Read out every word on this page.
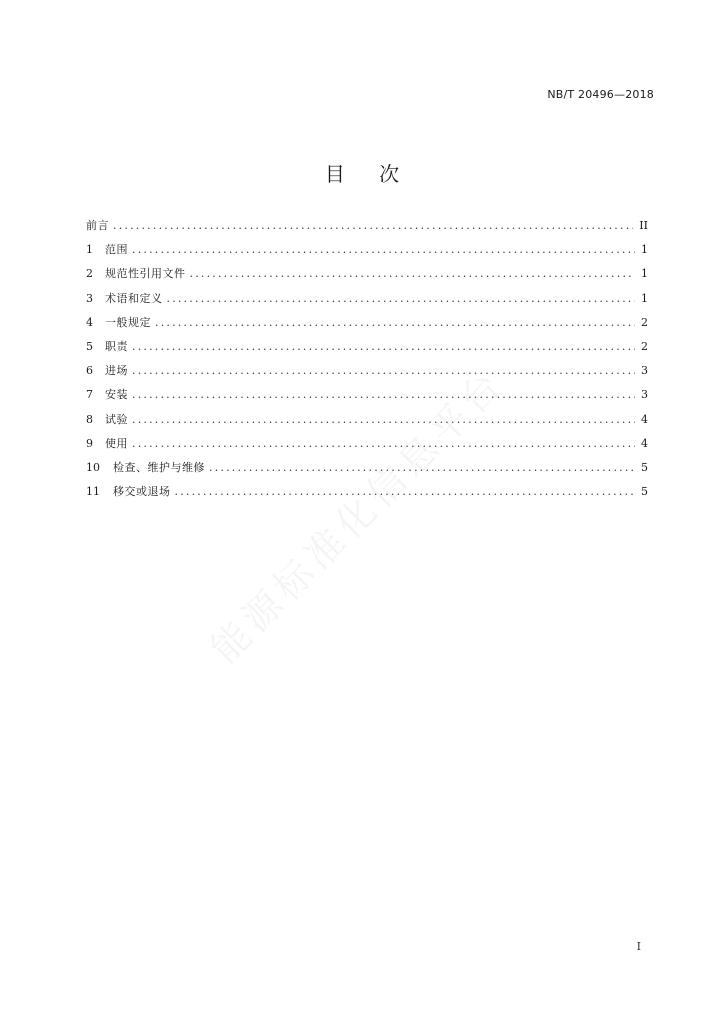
NB/T 20496—2018
目 次
前言 .....	II
1	范围 .....	1
2	规范性引用文件 .....	1
3	术语和定义 .....	1
4	一般规定 .....	2
5	职责 .....	2
6	进场 .....	3
7	安装 .....	3
8	试验 .....	4
9	使用 .....	4
10	检查、维护与维修 .....	5
11	移交或退场 .....	5
能源标准化信息平台
I
